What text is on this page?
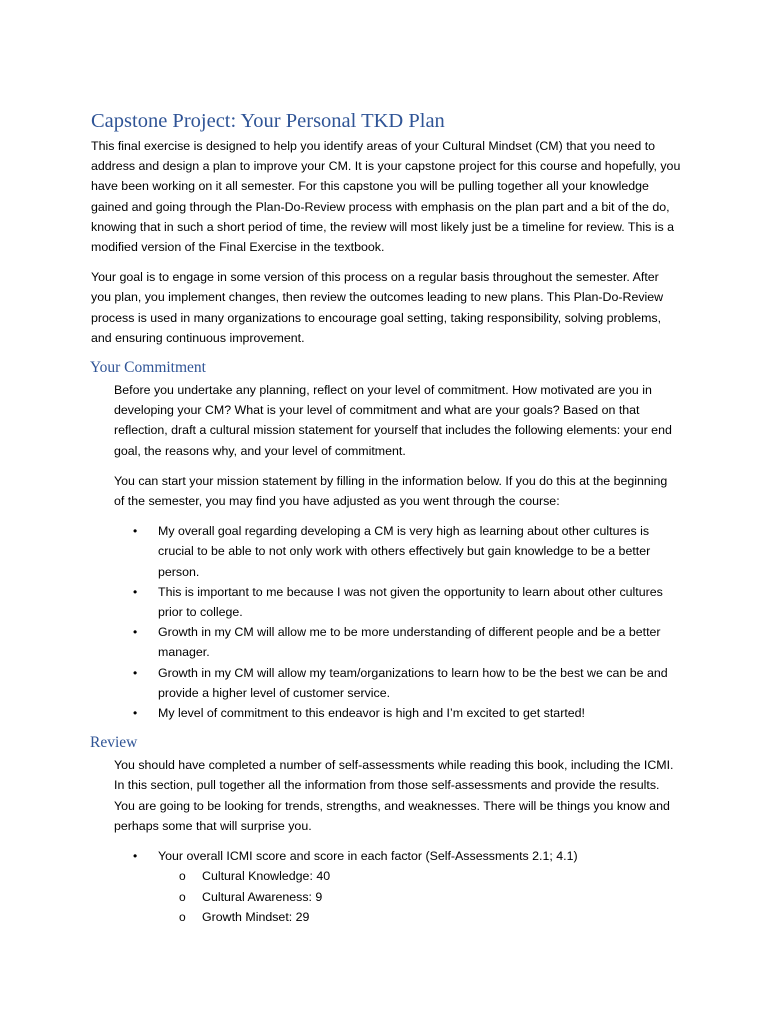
Capstone Project: Your Personal TKD Plan

This final exercise is designed to help you identify areas of your Cultural Mindset (CM) that you need to address and design a plan to improve your CM. It is your capstone project for this course and hopefully, you have been working on it all semester. For this capstone you will be pulling together all your knowledge gained and going through the Plan-Do-Review process with emphasis on the plan part and a bit of the do, knowing that in such a short period of time, the review will most likely just be a timeline for review. This is a modified version of the Final Exercise in the textbook.

Your goal is to engage in some version of this process on a regular basis throughout the semester. After you plan, you implement changes, then review the outcomes leading to new plans. This Plan-Do-Review process is used in many organizations to encourage goal setting, taking responsibility, solving problems, and ensuring continuous improvement.

Your Commitment

Before you undertake any planning, reflect on your level of commitment. How motivated are you in developing your CM? What is your level of commitment and what are your goals? Based on that reflection, draft a cultural mission statement for yourself that includes the following elements: your end goal, the reasons why, and your level of commitment.

You can start your mission statement by filling in the information below. If you do this at the beginning of the semester, you may find you have adjusted as you went through the course:

• My overall goal regarding developing a CM is very high as learning about other cultures is crucial to be able to not only work with others effectively but gain knowledge to be a better person.
• This is important to me because I was not given the opportunity to learn about other cultures prior to college.
• Growth in my CM will allow me to be more understanding of different people and be a better manager.
• Growth in my CM will allow my team/organizations to learn how to be the best we can be and provide a higher level of customer service.
• My level of commitment to this endeavor is high and I’m excited to get started!
Review

You should have completed a number of self-assessments while reading this book, including the ICMI. In this section, pull together all the information from those self-assessments and provide the results. You are going to be looking for trends, strengths, and weaknesses. There will be things you know and perhaps some that will surprise you.

• Your overall ICMI score and score in each factor (Self-Assessments 2.1; 4.1)
o Cultural Knowledge: 40
o Cultural Awareness: 9
o Growth Mindset: 29
